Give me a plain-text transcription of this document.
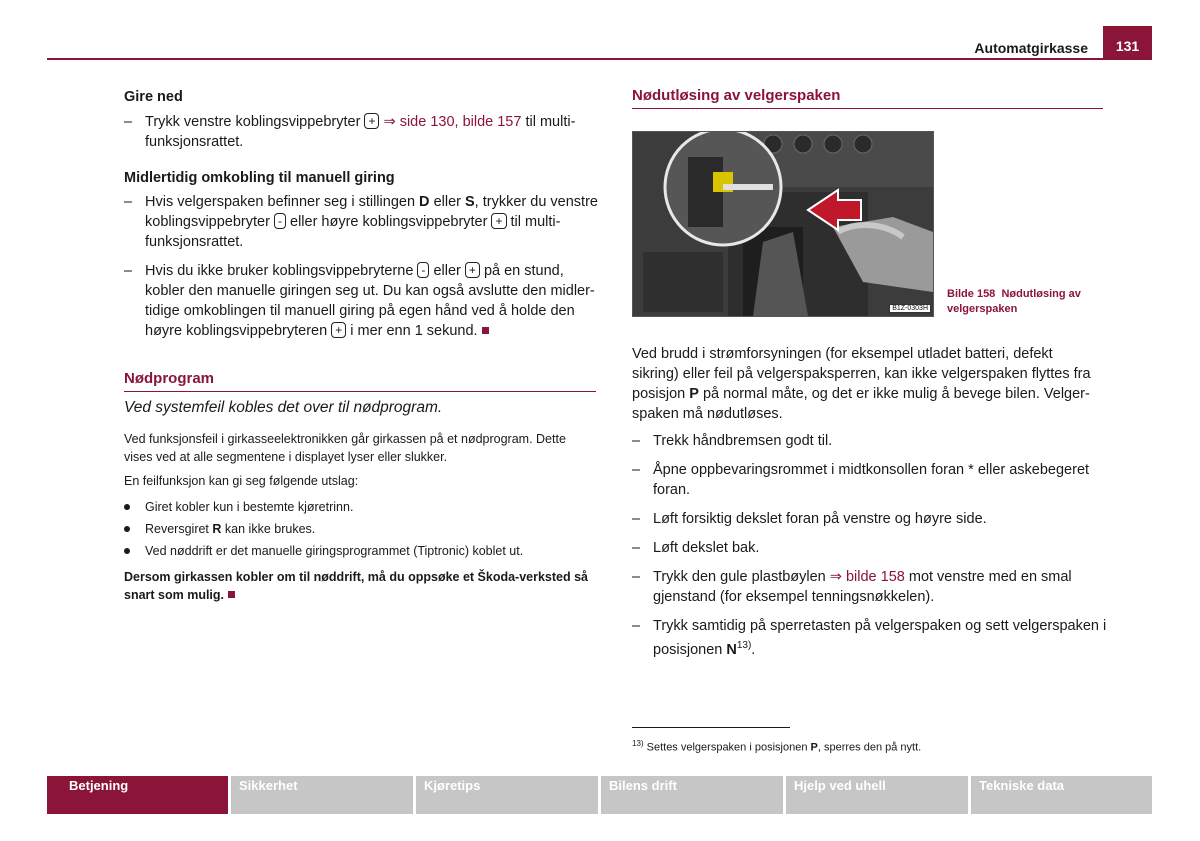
Automatgirkasse	131
Gire ned
– Trykk venstre koblingsvippebryter + ⇒ side 130, bilde 157 til multi-
funksjonsrattet.
Midlertidig omkobling til manuell giring
– Hvis velgerspaken befinner seg i stillingen D eller S, trykker du venstre
koblingsvippebryter - eller høyre koblingsvippebryter + til multi-
funksjonsrattet.
– Hvis du ikke bruker koblingsvippebryterne - eller + på en stund,
kobler den manuelle giringen seg ut. Du kan også avslutte den midler-
tidige omkoblingen til manuell giring på egen hånd ved å holde den
høyre koblingsvippebryteren + i mer enn 1 sekund.
Nødprogram
Ved systemfeil kobles det over til nødprogram.
Ved funksjonsfeil i girkasseelektronikken går girkassen på et nødprogram. Dette
vises ved at alle segmentene i displayet lyser eller slukker.
En feilfunksjon kan gi seg følgende utslag:
Giret kobler kun i bestemte kjøretrinn.
Reversgiret R kan ikke brukes.
Ved nøddrift er det manuelle giringsprogrammet (Tiptronic) koblet ut.
Dersom girkassen kobler om til nøddrift, må du oppsøke et Škoda-verksted så
snart som mulig.
Nødutløsing av velgerspaken
B1Z-0303H
Bilde 158 Nødutløsing av
velgerspaken
Ved brudd i strømforsyningen (for eksempel utladet batteri, defekt
sikring) eller feil på velgerspaksperren, kan ikke velgerspaken flyttes fra
posisjon P på normal måte, og det er ikke mulig å bevege bilen. Velger-
spaken må nødutløses.
– Trekk håndbremsen godt til.
– Åpne oppbevaringsrommet i midtkonsollen foran * eller askebegeret
foran.
– Løft forsiktig dekslet foran på venstre og høyre side.
– Løft dekslet bak.
– Trykk den gule plastbøylen ⇒ bilde 158 mot venstre med en smal
gjenstand (for eksempel tenningsnøkkelen).
– Trykk samtidig på sperretasten på velgerspaken og sett velgerspaken i
posisjonen $N^{13)}$.
$^{13)}$ Settes velgerspaken i posisjonen P, sperres den på nytt.
Betjening	Sikkerhet	Kjøretips	Bilens drift	Hjelp ved uhell	Tekniske data
